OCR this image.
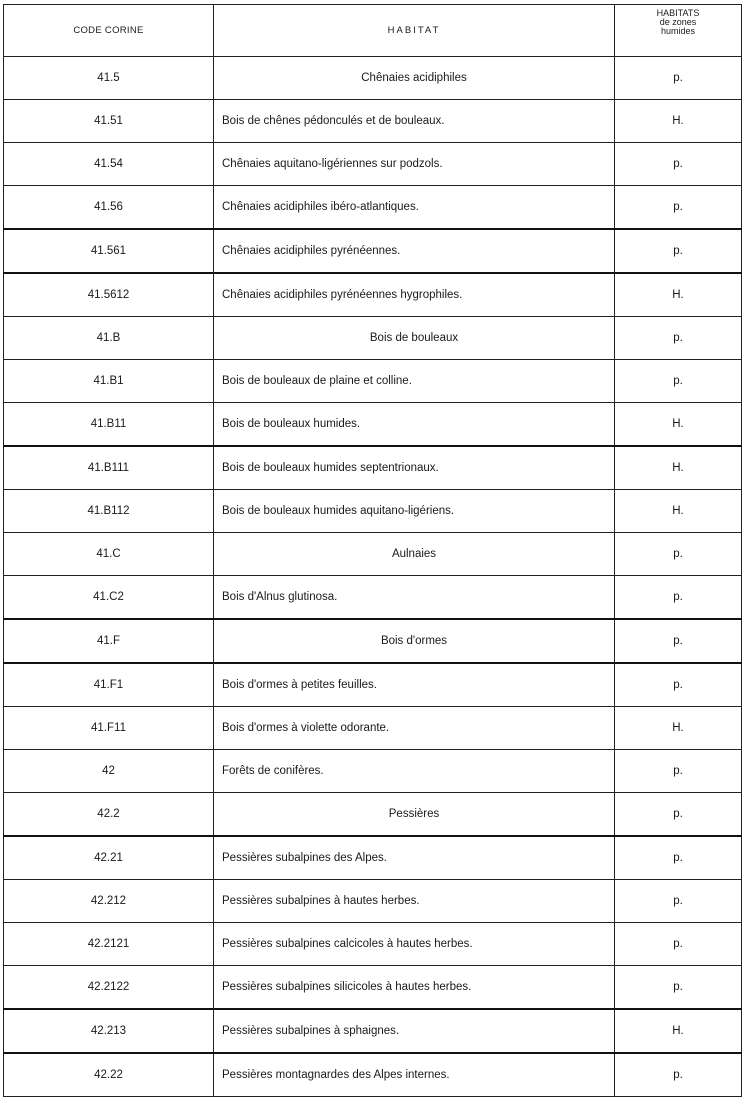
CODE CORINE	HABITAT	HABITATS
de zones
humides

41.5	Chênaies acidiphiles	p.
41.51	Bois de chênes pédonculés et de bouleaux.	H.
41.54	Chênaies aquitano-ligériennes sur podzols.	p.
41.56	Chênaies acidiphiles ibéro-atlantiques.	p.
41.561	Chênaies acidiphiles pyrénéennes.	p.
41.5612	Chênaies acidiphiles pyrénéennes hygrophiles.	H.
41.B	Bois de bouleaux	p.
41.B1	Bois de bouleaux de plaine et colline.	p.
41.B11	Bois de bouleaux humides.	H.
41.B111	Bois de bouleaux humides septentrionaux.	H.
41.B112	Bois de bouleaux humides aquitano-ligériens.	H.
41.C	Aulnaies	p.
41.C2	Bois d'Alnus glutinosa.	p.
41.F	Bois d'ormes	p.
41.F1	Bois d'ormes à petites feuilles.	p.
41.F11	Bois d'ormes à violette odorante.	H.
42	Forêts de conifères.	p.
42.2	Pessières	p.
42.21	Pessières subalpines des Alpes.	p.
42.212	Pessières subalpines à hautes herbes.	p.
42.2121	Pessières subalpines calcicoles à hautes herbes.	p.
42.2122	Pessières subalpines silicicoles à hautes herbes.	p.
42.213	Pessières subalpines à sphaignes.	H.
42.22	Pessières montagnardes des Alpes internes.	p.
